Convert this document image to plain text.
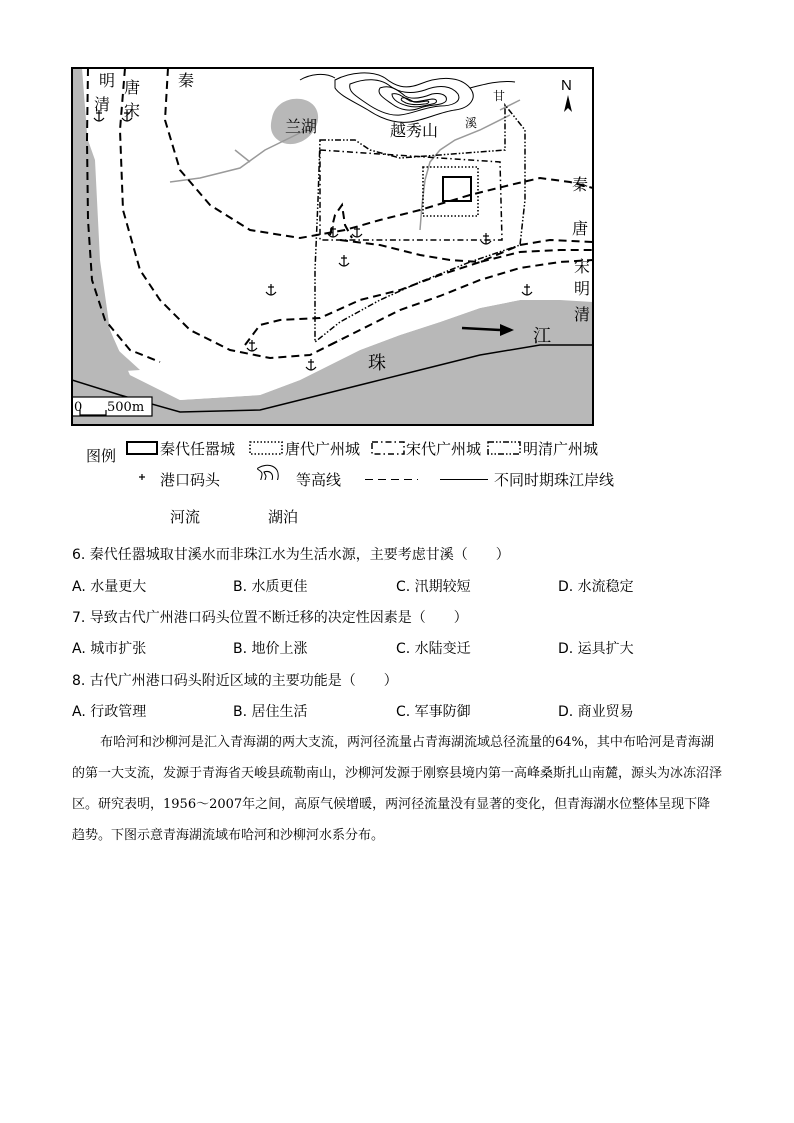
明
清
唐
宋
秦
兰湖	越秀山
甘
溪
N
秦
唐
宋
明
清
江
珠
0 500m
图例	秦代任嚣城	唐代广州城	宋代广州城	明清广州城
港口码头	等高线	不同时期珠江岸线
河流	湖泊
6. 秦代任嚣城取甘溪水而非珠江水为生活水源，主要考虑甘溪（　　）
A. 水量更大	B. 水质更佳	C. 汛期较短	D. 水流稳定
7. 导致古代广州港口码头位置不断迁移的决定性因素是（　　）
A. 城市扩张	B. 地价上涨	C. 水陆变迁	D. 运具扩大
8. 古代广州港口码头附近区域的主要功能是（　　）
A. 行政管理	B. 居住生活	C. 军事防御	D. 商业贸易
布哈河和沙柳河是汇入青海湖的两大支流，两河径流量占青海湖流域总径流量的64%，其中布哈河是青海湖的第一大支流，发源于青海省天峻县疏勒南山，沙柳河发源于刚察县境内第一高峰桑斯扎山南麓，源头为冰冻沼泽区。研究表明，1956～2007年之间，高原气候增暖，两河径流量没有显著的变化，但青海湖水位整体呈现下降趋势。下图示意青海湖流域布哈河和沙柳河水系分布。
